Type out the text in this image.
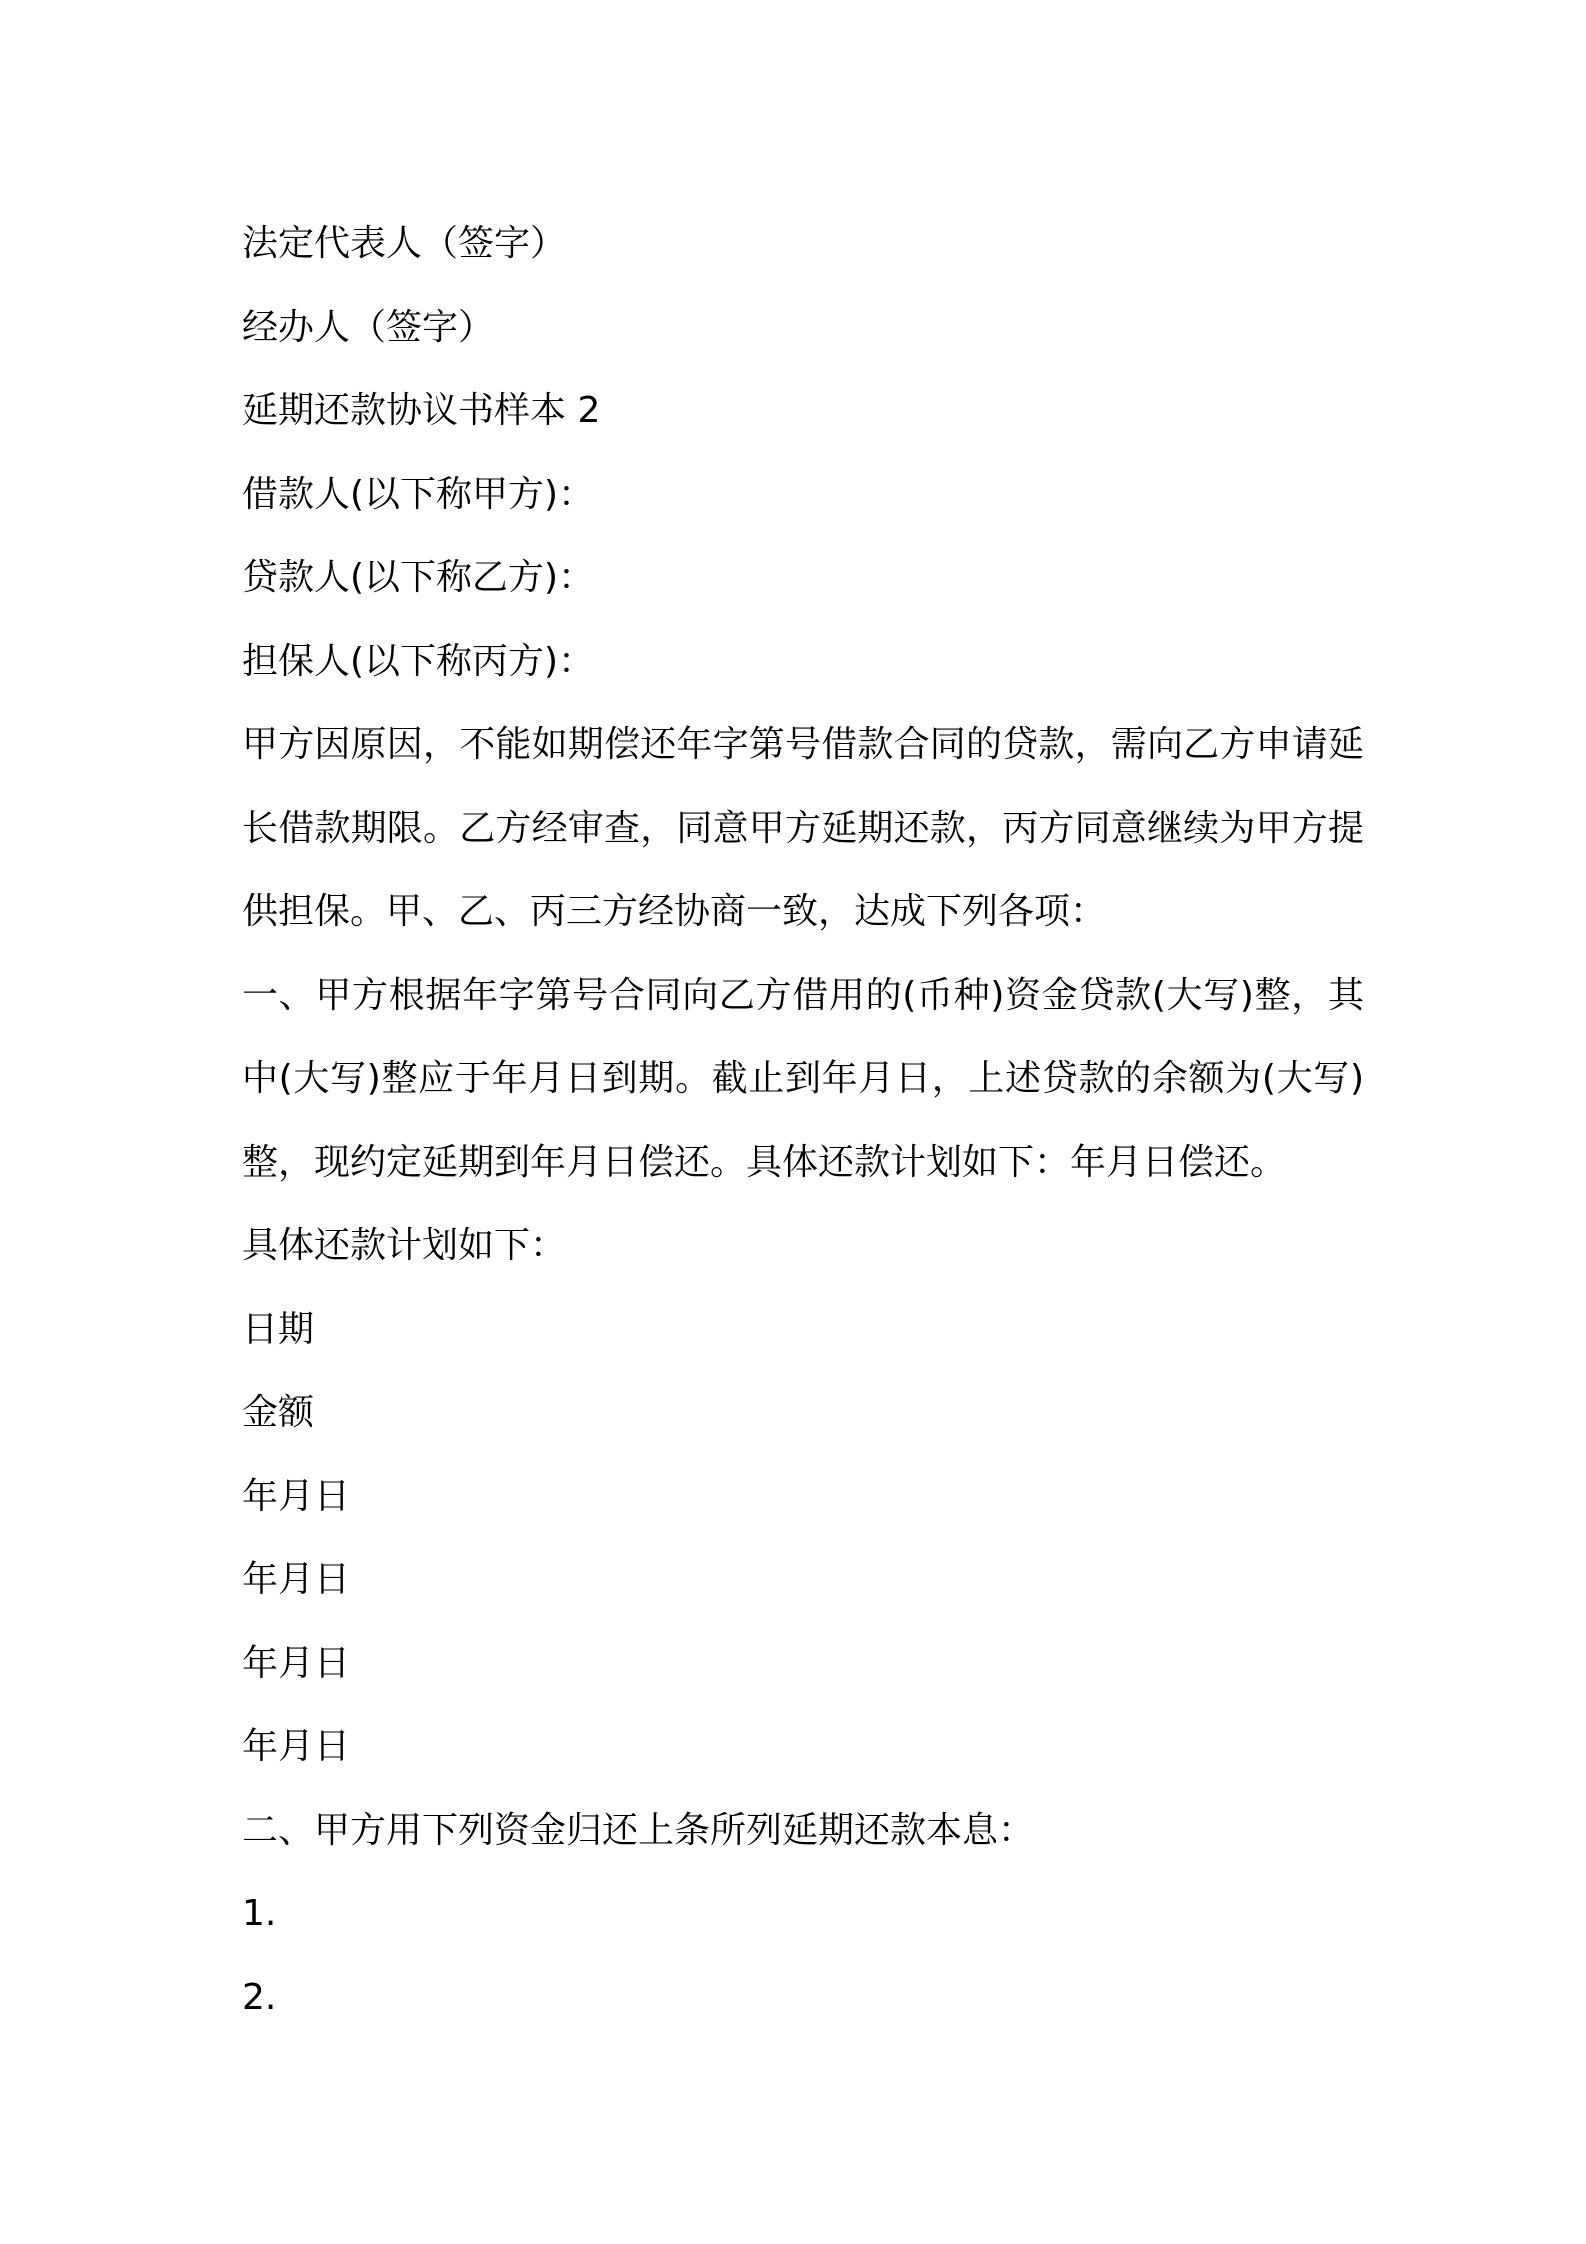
法定代表人（签字）
经办人（签字）
延期还款协议书样本 2
借款人(以下称甲方)：
贷款人(以下称乙方)：
担保人(以下称丙方)：
甲方因原因，不能如期偿还年字第号借款合同的贷款，需向乙方申请延长借款期限。乙方经审查，同意甲方延期还款，丙方同意继续为甲方提供担保。甲、乙、丙三方经协商一致，达成下列各项：
一、甲方根据年字第号合同向乙方借用的(币种)资金贷款(大写)整，其中(大写)整应于年月日到期。截止到年月日，上述贷款的余额为(大写)整，现约定延期到年月日偿还。具体还款计划如下：年月日偿还。
具体还款计划如下：
日期
金额
年月日
年月日
年月日
年月日
二、甲方用下列资金归还上条所列延期还款本息：
1.
2.
